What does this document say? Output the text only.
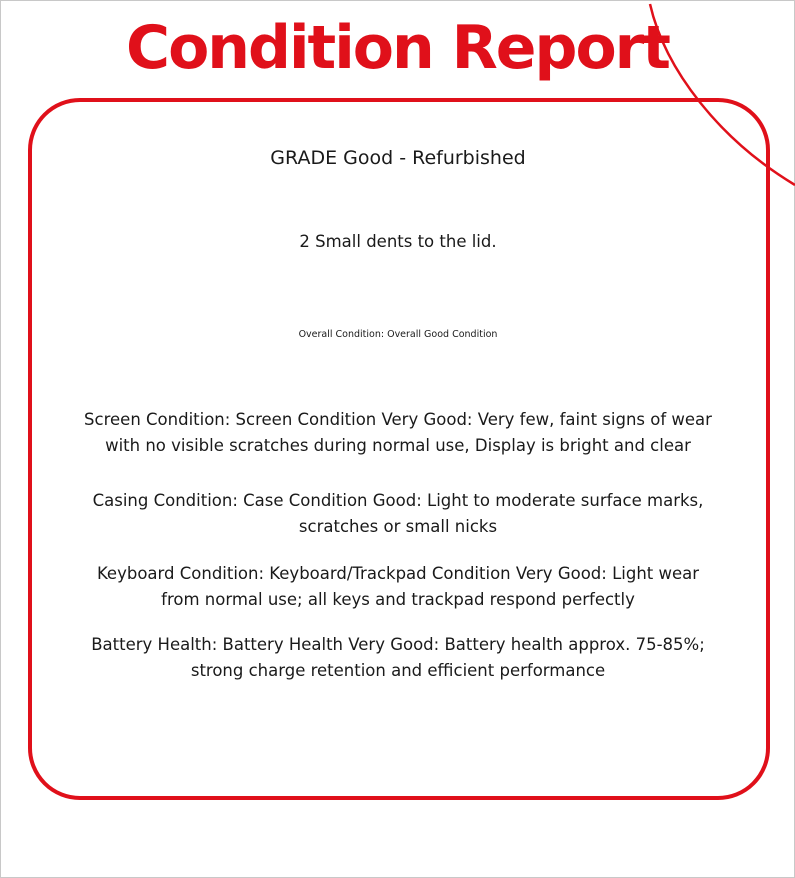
Condition Report

GRADE Good - Refurbished

2 Small dents to the lid.

Overall Condition: Overall Good Condition

Screen Condition: Screen Condition Very Good: Very few, faint signs of wear
with no visible scratches during normal use, Display is bright and clear
Casing Condition: Case Condition Good: Light to moderate surface marks,
scratches or small nicks
Keyboard Condition: Keyboard/Trackpad Condition Very Good: Light wear
from normal use; all keys and trackpad respond perfectly
Battery Health: Battery Health Very Good: Battery health approx. 75-85%;
strong charge retention and efficient performance
